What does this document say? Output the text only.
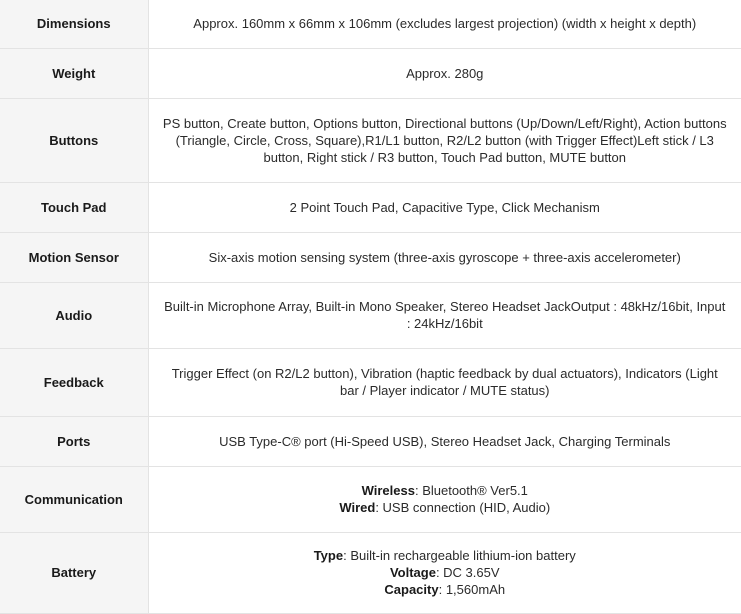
Dimensions	Approx. 160mm x 66mm x 106mm (excludes largest projection) (width x height x depth)

Weight	Approx. 280g

Buttons	PS button, Create button, Options button, Directional buttons (Up/Down/Left/Right), Action buttons (Triangle, Circle, Cross, Square),R1/L1 button, R2/L2 button (with Trigger Effect)Left stick / L3 button, Right stick / R3 button, Touch Pad button, MUTE button

Touch Pad	2 Point Touch Pad, Capacitive Type, Click Mechanism

Motion Sensor	Six-axis motion sensing system (three-axis gyroscope + three-axis accelerometer)

Audio	Built-in Microphone Array, Built-in Mono Speaker, Stereo Headset JackOutput : 48kHz/16bit, Input : 24kHz/16bit

Feedback	Trigger Effect (on R2/L2 button), Vibration (haptic feedback by dual actuators), Indicators (Light bar / Player indicator / MUTE status)

Ports	USB Type-C® port (Hi-Speed USB), Stereo Headset Jack, Charging Terminals

Communication	Wireless: Bluetooth® Ver5.1
Wired: USB connection (HID, Audio)

Battery	Type: Built-in rechargeable lithium-ion battery
Voltage: DC 3.65V
Capacity: 1,560mAh
